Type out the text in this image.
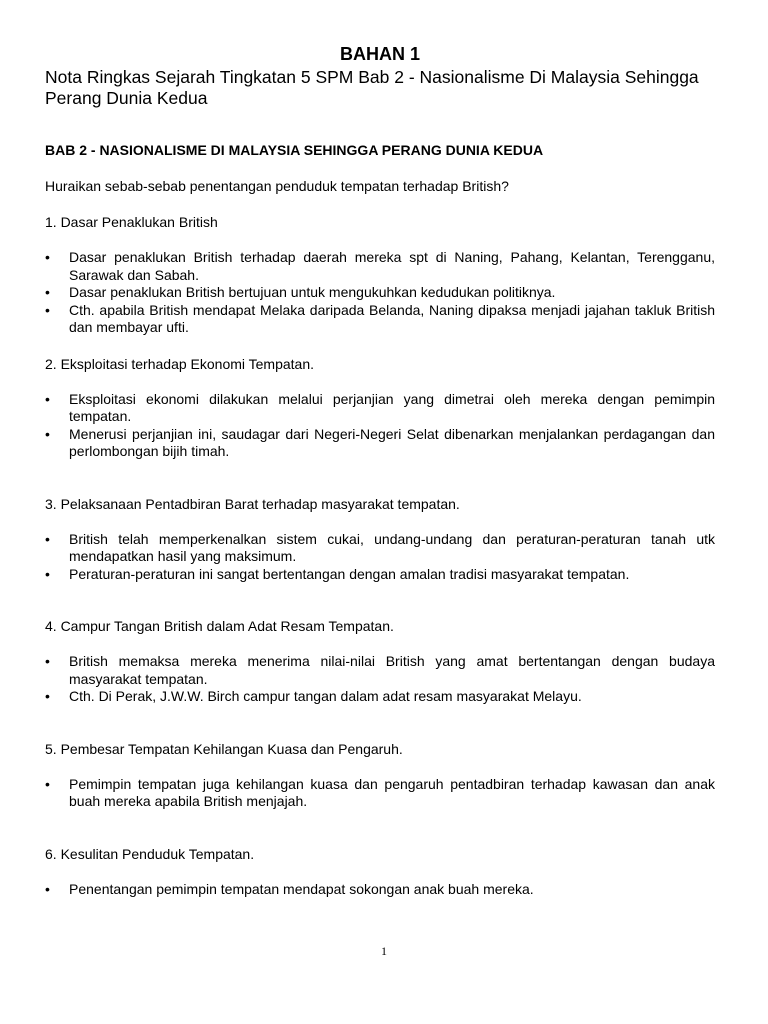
BAHAN 1

Nota Ringkas Sejarah Tingkatan 5 SPM Bab 2 - Nasionalisme Di Malaysia Sehingga Perang Dunia Kedua

BAB 2 - NASIONALISME DI MALAYSIA SEHINGGA PERANG DUNIA KEDUA

Huraikan sebab-sebab penentangan penduduk tempatan terhadap British?

1. Dasar Penaklukan British

•	Dasar penaklukan British terhadap daerah mereka spt di Naning, Pahang, Kelantan, Terengganu, Sarawak dan Sabah.
•	Dasar penaklukan British bertujuan untuk mengukuhkan kedudukan politiknya.
•	Cth. apabila British mendapat Melaka daripada Belanda, Naning dipaksa menjadi jajahan takluk British dan membayar ufti.

2. Eksploitasi terhadap Ekonomi Tempatan.

•	Eksploitasi ekonomi dilakukan melalui perjanjian yang dimetrai oleh mereka dengan pemimpin tempatan.
•	Menerusi perjanjian ini, saudagar dari Negeri-Negeri Selat dibenarkan menjalankan perdagangan dan perlombongan bijih timah.

3. Pelaksanaan Pentadbiran Barat terhadap masyarakat tempatan.

•	British telah memperkenalkan sistem cukai, undang-undang dan peraturan-peraturan tanah utk mendapatkan hasil yang maksimum.
•	Peraturan-peraturan ini sangat bertentangan dengan amalan tradisi masyarakat tempatan.

4. Campur Tangan British dalam Adat Resam Tempatan.

•	British memaksa mereka menerima nilai-nilai British yang amat bertentangan dengan budaya masyarakat tempatan.
•	Cth. Di Perak, J.W.W. Birch campur tangan dalam adat resam masyarakat Melayu.

5. Pembesar Tempatan Kehilangan Kuasa dan Pengaruh.

•	Pemimpin tempatan juga kehilangan kuasa dan pengaruh pentadbiran terhadap kawasan dan anak buah mereka apabila British menjajah.

6. Kesulitan Penduduk Tempatan.

•	Penentangan pemimpin tempatan mendapat sokongan anak buah mereka.
1
